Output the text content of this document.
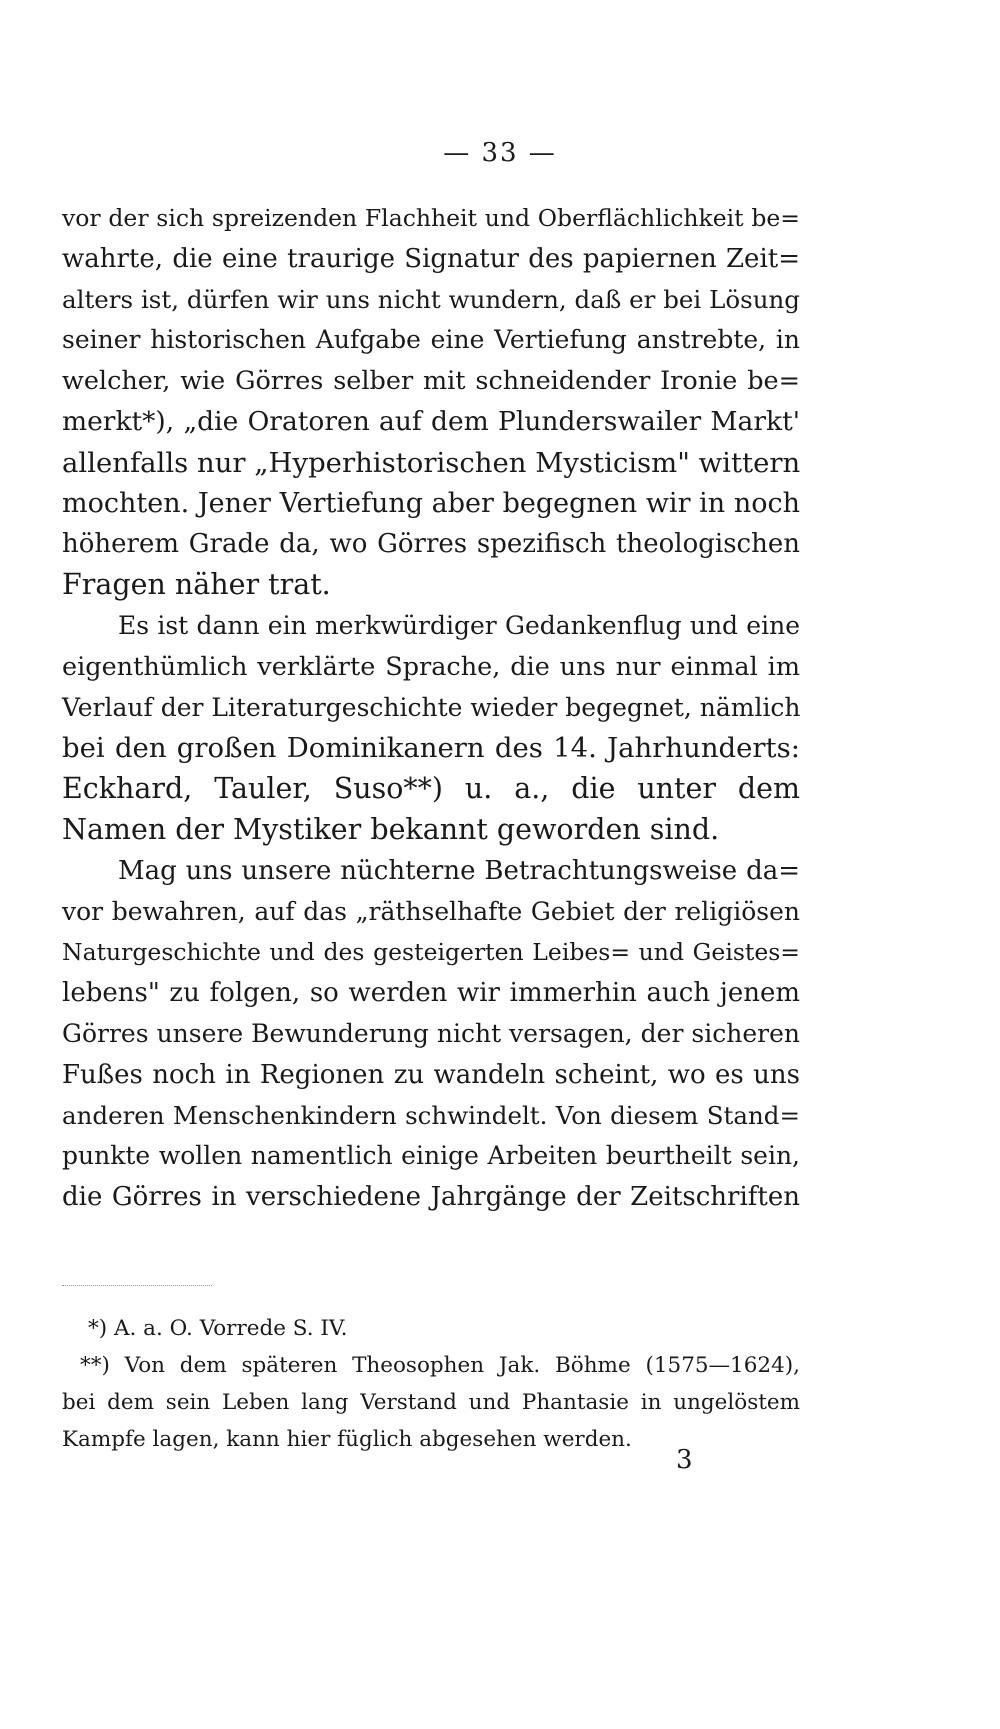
— 33 —
vor der sich spreizenden Flachheit und Oberflächlichkeit be=
wahrte, die eine traurige Signatur des papiernen Zeit=
alters ist, dürfen wir uns nicht wundern, daß er bei Lösung
seiner historischen Aufgabe eine Vertiefung anstrebte, in
welcher, wie Görres selber mit schneidender Ironie be=
merkt*), „die Oratoren auf dem Plunderswailer Markt'
allenfalls nur „Hyperhistorischen Mysticism" wittern
mochten. Jener Vertiefung aber begegnen wir in noch
höherem Grade da, wo Görres spezifisch theologischen
Fragen näher trat.
Es ist dann ein merkwürdiger Gedankenflug und eine
eigenthümlich verklärte Sprache, die uns nur einmal im
Verlauf der Literaturgeschichte wieder begegnet, nämlich
bei den großen Dominikanern des 14. Jahrhunderts:
Eckhard, Tauler, Suso**) u. a., die unter dem
Namen der Mystiker bekannt geworden sind.
Mag uns unsere nüchterne Betrachtungsweise da=
vor bewahren, auf das „räthselhafte Gebiet der religiösen
Naturgeschichte und des gesteigerten Leibes= und Geistes=
lebens" zu folgen, so werden wir immerhin auch jenem
Görres unsere Bewunderung nicht versagen, der sicheren
Fußes noch in Regionen zu wandeln scheint, wo es uns
anderen Menschenkindern schwindelt. Von diesem Stand=
punkte wollen namentlich einige Arbeiten beurtheilt sein,
die Görres in verschiedene Jahrgänge der Zeitschriften
*) A. a. O. Vorrede S. IV.
**) Von dem späteren Theosophen Jak. Böhme (1575—1624),
bei dem sein Leben lang Verstand und Phantasie in ungelöstem
Kampfe lagen, kann hier füglich abgesehen werden.
3
